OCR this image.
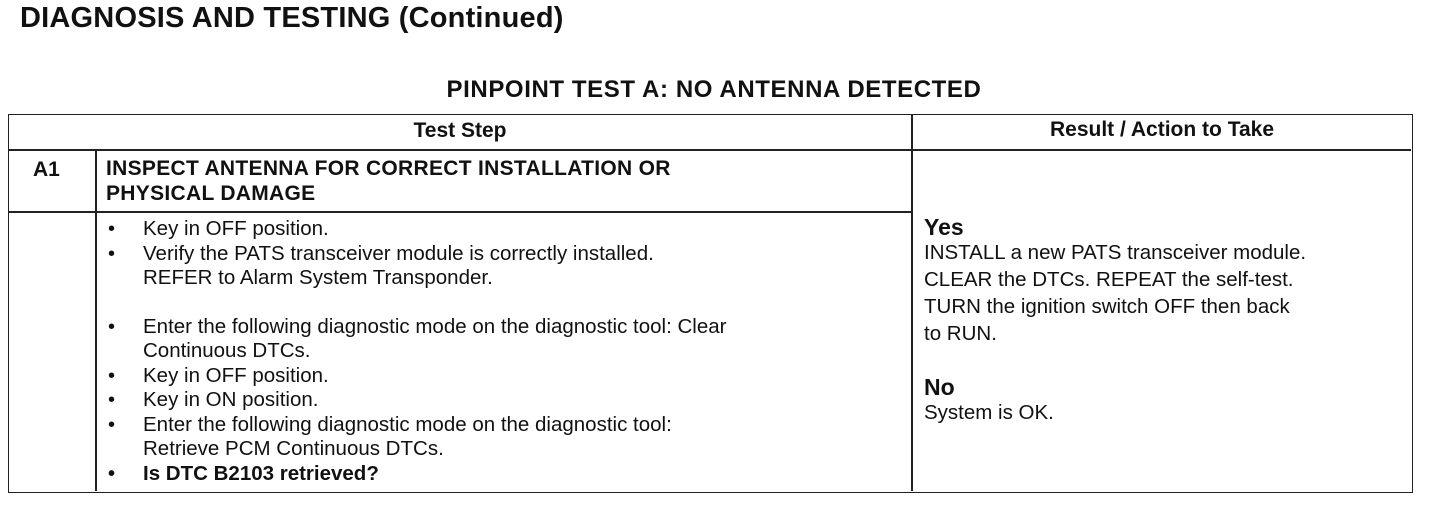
DIAGNOSIS AND TESTING (Continued)
PINPOINT TEST A: NO ANTENNA DETECTED
Test Step	Result / Action to Take
A1 INSPECT ANTENNA FOR CORRECT INSTALLATION OR
PHYSICAL DAMAGE
• Key in OFF position.
• Verify the PATS transceiver module is correctly installed.
REFER to Alarm System Transponder.
• Enter the following diagnostic mode on the diagnostic tool: Clear
Continuous DTCs.
• Key in OFF position.
• Key in ON position.
• Enter the following diagnostic mode on the diagnostic tool:
Retrieve PCM Continuous DTCs.
• Is DTC B2103 retrieved?
Yes
INSTALL a new PATS transceiver module.
CLEAR the DTCs. REPEAT the self-test.
TURN the ignition switch OFF then back
to RUN.
No
System is OK.
